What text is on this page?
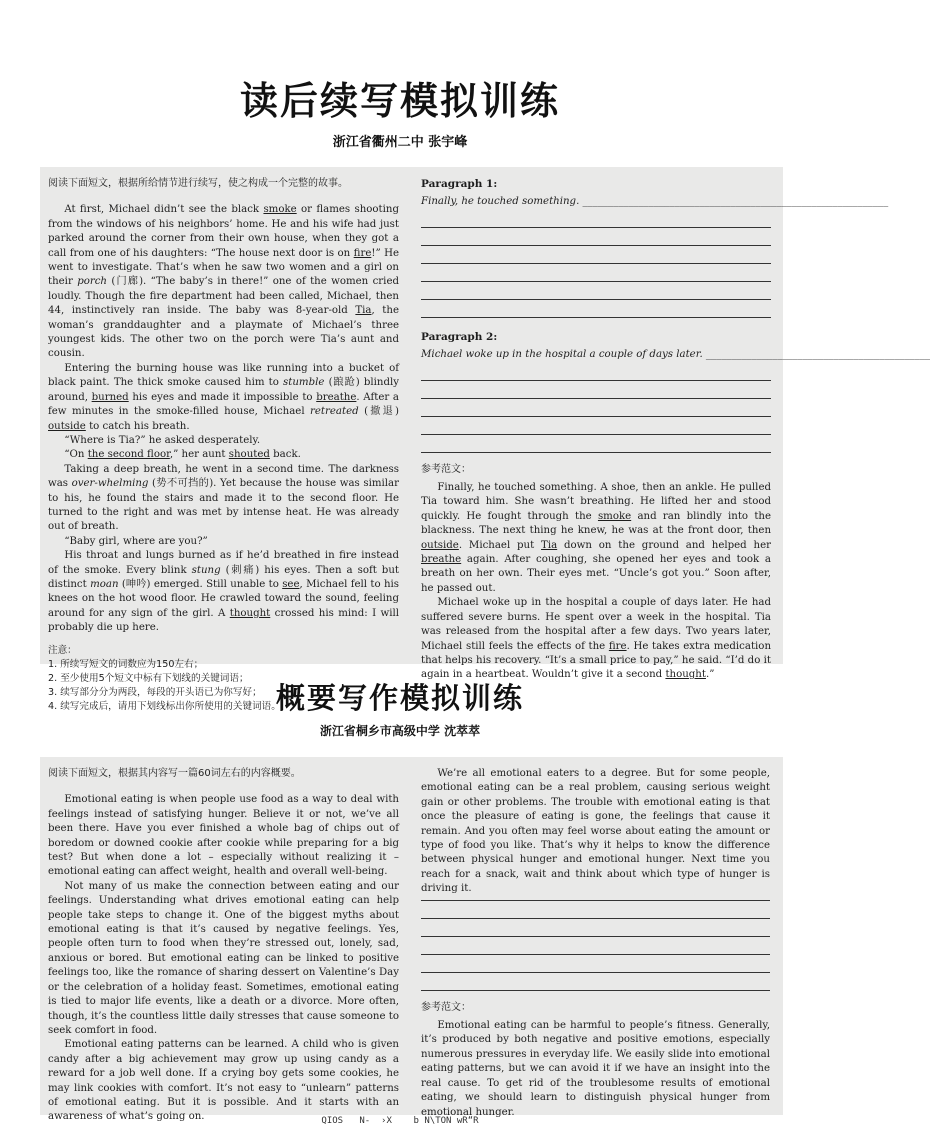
读后续写模拟训练
浙江省衢州二中 张宇峰

阅读下面短文，根据所给情节进行续写，使之构成一个完整的故事。

At first, Michael didn’t see the black smoke or flames shooting from the windows of his neighbors’ home. He and his wife had just parked around the corner from their own house, when they got a call from one of his daughters: “The house next door is on fire!” He went to investigate. That’s when he saw two women and a girl on their porch (门廊). “The baby’s in there!” one of the women cried loudly. Though the fire department had been called, Michael, then 44, instinctively ran inside. The baby was 8-year-old Tia, the woman’s granddaughter and a playmate of Michael’s three youngest kids. The other two on the porch were Tia’s aunt and cousin.

Entering the burning house was like running into a bucket of black paint. The thick smoke caused him to stumble (踉跄) blindly around, burned his eyes and made it impossible to breathe. After a few minutes in the smoke-filled house, Michael retreated (撤退) outside to catch his breath.

“Where is Tia?” he asked desperately.

“On the second floor,” her aunt shouted back.

Taking a deep breath, he went in a second time. The darkness was over-whelming (势不可挡的). Yet because the house was similar to his, he found the stairs and made it to the second floor. He turned to the right and was met by intense heat. He was already out of breath.

“Baby girl, where are you?”

His throat and lungs burned as if he’d breathed in fire instead of the smoke. Every blink stung (刺痛) his eyes. Then a soft but distinct moan (呻吟) emerged. Still unable to see, Michael fell to his knees on the hot wood floor. He crawled toward the sound, feeling around for any sign of the girl. A thought crossed his mind: I will probably die up here.

注意：
1. 所续写短文的词数应为150左右；
2. 至少使用5个短文中标有下划线的关键词语；
3. 续写部分分为两段，每段的开头语已为你写好；
4. 续写完成后，请用下划线标出你所使用的关键词语。

Paragraph 1:

Finally, he touched something. ____________________________________________________________

Paragraph 2:

Michael woke up in the hospital a couple of days later. ____________________________________________
参考范文：

Finally, he touched something. A shoe, then an ankle. He pulled Tia toward him. She wasn’t breathing. He lifted her and stood quickly. He fought through the smoke and ran blindly into the blackness. The next thing he knew, he was at the front door, then outside. Michael put Tia down on the ground and helped her breathe again. After coughing, she opened her eyes and took a breath on her own. Their eyes met. “Uncle’s got you.” Soon after, he passed out.

Michael woke up in the hospital a couple of days later. He had suffered severe burns. He spent over a week in the hospital. Tia was released from the hospital after a few days. Two years later, Michael still feels the effects of the fire. He takes extra medication that helps his recovery. “It’s a small price to pay,” he said. “I’d do it again in a heartbeat. Wouldn’t give it a second thought.”

概要写作模拟训练
浙江省桐乡市高级中学 沈萃萃

阅读下面短文，根据其内容写一篇60词左右的内容概要。

Emotional eating is when people use food as a way to deal with feelings instead of satisfying hunger. Believe it or not, we’ve all been there. Have you ever finished a whole bag of chips out of boredom or downed cookie after cookie while preparing for a big test? But when done a lot – especially without realizing it – emotional eating can affect weight, health and overall well-being.

Not many of us make the connection between eating and our feelings. Understanding what drives emotional eating can help people take steps to change it. One of the biggest myths about emotional eating is that it’s caused by negative feelings. Yes, people often turn to food when they’re stressed out, lonely, sad, anxious or bored. But emotional eating can be linked to positive feelings too, like the romance of sharing dessert on Valentine’s Day or the celebration of a holiday feast. Sometimes, emotional eating is tied to major life events, like a death or a divorce. More often, though, it’s the countless little daily stresses that cause someone to seek comfort in food.

Emotional eating patterns can be learned. A child who is given candy after a big achievement may grow up using candy as a reward for a job well done. If a crying boy gets some cookies, he may link cookies with comfort. It’s not easy to “unlearn” patterns of emotional eating. But it is possible. And it starts with an awareness of what’s going on.

We’re all emotional eaters to a degree. But for some people, emotional eating can be a real problem, causing serious weight gain or other problems. The trouble with emotional eating is that once the pleasure of eating is gone, the feelings that cause it remain. And you often may feel worse about eating the amount or type of food you like. That’s why it helps to know the difference between physical hunger and emotional hunger. Next time you reach for a snack, wait and think about which type of hunger is driving it.

参考范文：

Emotional eating can be harmful to people’s fitness. Generally, it’s produced by both negative and positive emotions, especially numerous pressures in everyday life. We easily slide into emotional eating patterns, but we can avoid it if we have an insight into the real cause. To get rid of the troublesome results of emotional eating, we should learn to distinguish physical hunger from emotional hunger.

QIOS   N-  ›X    b N\TON wR“R
